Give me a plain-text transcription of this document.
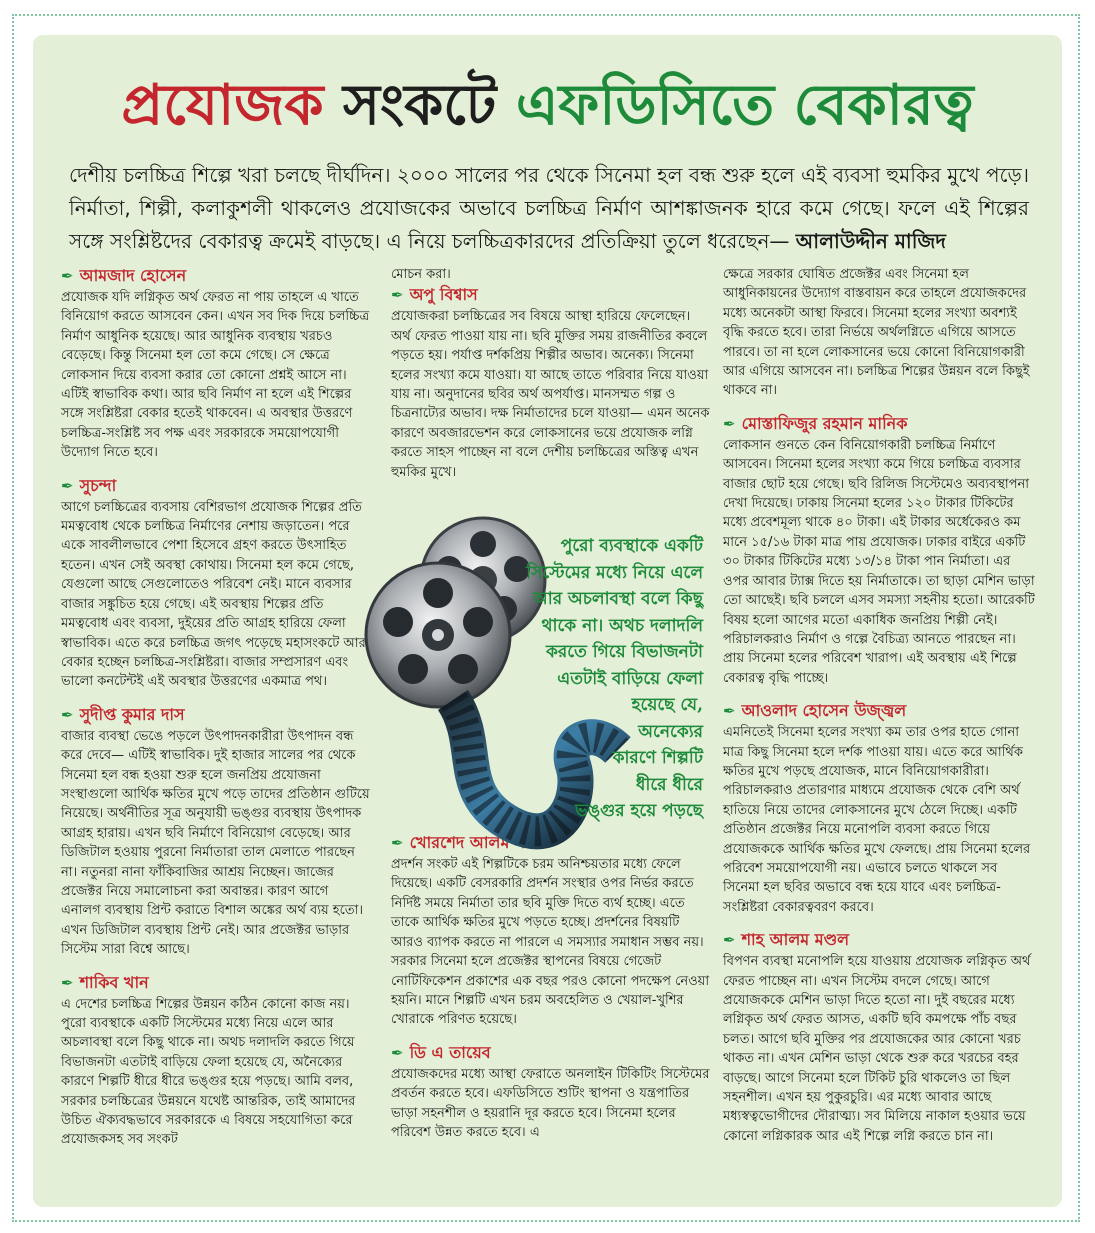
প্রযোজক সংকটে এফডিসিতে বেকারত্ব
দেশীয় চলচ্চিত্র শিল্পে খরা চলছে দীর্ঘদিন। ২০০০ সালের পর থেকে সিনেমা হল বন্ধ শুরু হলে এই ব্যবসা হুমকির মুখে পড়ে। নির্মাতা, শিল্পী, কলাকুশলী থাকলেও প্রযোজকের অভাবে চলচ্চিত্র নির্মাণ আশঙ্কাজনক হারে কমে গেছে। ফলে এই শিল্পের সঙ্গে সংশ্লিষ্টদের বেকারত্ব ক্রমেই বাড়ছে। এ নিয়ে চলচ্চিত্রকারদের প্রতিক্রিয়া তুলে ধরেছেন— আলাউদ্দীন মাজিদ
✒ আমজাদ হোসেন

প্রযোজক যদি লগ্নিকৃত অর্থ ফেরত না পায় তাহলে এ খাতে বিনিয়োগ করতে আসবেন কেন। এখন সব দিক দিয়ে চলচ্চিত্র নির্মাণ আধুনিক হয়েছে। আর আধুনিক ব্যবস্থায় খরচও বেড়েছে। কিন্তু সিনেমা হল তো কমে গেছে। সে ক্ষেত্রে লোকসান দিয়ে ব্যবসা করার তো কোনো প্রশ্নই আসে না। এটিই স্বাভাবিক কথা। আর ছবি নির্মাণ না হলে এই শিল্পের সঙ্গে সংশ্লিষ্টরা বেকার হতেই থাকবেন। এ অবস্থার উত্তরণে চলচ্চিত্র-সংশ্লিষ্ট সব পক্ষ এবং সরকারকে সময়োপযোগী উদ্যোগ নিতে হবে।

✒ সুচন্দা

আগে চলচ্চিত্রের ব্যবসায় বেশিরভাগ প্রযোজক শিল্পের প্রতি মমত্ববোধ থেকে চলচ্চিত্র নির্মাণের নেশায় জড়াতেন। পরে একে সাবলীলভাবে পেশা হিসেবে গ্রহণ করতে উৎসাহিত হতেন। এখন সেই অবস্থা কোথায়। সিনেমা হল কমে গেছে, যেগুলো আছে সেগুলোতেও পরিবেশ নেই। মানে ব্যবসার বাজার সঙ্কুচিত হয়ে গেছে। এই অবস্থায় শিল্পের প্রতি মমত্ববোধ এবং ব্যবসা, দুইয়ের প্রতি আগ্রহ হারিয়ে ফেলা স্বাভাবিক। এতে করে চলচ্চিত্র জগৎ পড়েছে মহাসংকটে আর বেকার হচ্ছেন চলচ্চিত্র-সংশ্লিষ্টরা। বাজার সম্প্রসারণ এবং ভালো কনটেন্টই এই অবস্থার উত্তরণের একমাত্র পথ।

✒ সুদীপ্ত কুমার দাস

বাজার ব্যবস্থা ভেঙে পড়লে উৎপাদনকারীরা উৎপাদন বন্ধ করে দেবে— এটিই স্বাভাবিক। দুই হাজার সালের পর থেকে সিনেমা হল বন্ধ হওয়া শুরু হলে জনপ্রিয় প্রযোজনা সংস্থাগুলো আর্থিক ক্ষতির মুখে পড়ে তাদের প্রতিষ্ঠান গুটিয়ে নিয়েছে। অর্থনীতির সূত্র অনুযায়ী ভঙ্গুর ব্যবস্থায় উৎপাদক আগ্রহ হারায়। এখন ছবি নির্মাণে বিনিয়োগ বেড়েছে। আর ডিজিটাল হওয়ায় পুরনো নির্মাতারা তাল মেলাতে পারছেন না। নতুনরা নানা ফাঁকিবাজির আশ্রয় নিচ্ছেন। জাজের প্রজেক্টর নিয়ে সমালোচনা করা অবান্তর। কারণ আগে এনালগ ব্যবস্থায় প্রিন্ট করাতে বিশাল অঙ্কের অর্থ ব্যয় হতো। এখন ডিজিটাল ব্যবস্থায় প্রিন্ট নেই। আর প্রজেক্টর ভাড়ার সিস্টেম সারা বিশ্বে আছে।

✒ শাকিব খান

এ দেশের চলচ্চিত্র শিল্পের উন্নয়ন কঠিন কোনো কাজ নয়। পুরো ব্যবস্থাকে একটি সিস্টেমের মধ্যে নিয়ে এলে আর অচলাবস্থা বলে কিছু থাকে না। অথচ দলাদলি করতে গিয়ে বিভাজনটা এতটাই বাড়িয়ে ফেলা হয়েছে যে, অনৈক্যের কারণে শিল্পটি ধীরে ধীরে ভঙ্গুর হয়ে পড়ছে। আমি বলব, সরকার চলচ্চিত্রের উন্নয়নে যথেষ্ট আন্তরিক, তাই আমাদের উচিত ঐক্যবদ্ধভাবে সরকারকে এ বিষয়ে সহযোগিতা করে প্রযোজকসহ সব সংকট

মোচন করা।

✒ অপু বিশ্বাস

প্রযোজকরা চলচ্চিত্রের সব বিষয়ে আস্থা হারিয়ে ফেলেছেন। অর্থ ফেরত পাওয়া যায় না। ছবি মুক্তির সময় রাজনীতির কবলে পড়তে হয়। পর্যাপ্ত দর্শকপ্রিয় শিল্পীর অভাব। অনেক্য। সিনেমা হলের সংখ্যা কমে যাওয়া। যা আছে তাতে পরিবার নিয়ে যাওয়া যায় না। অনুদানের ছবির অর্থ অপর্যাপ্ত। মানসম্মত গল্প ও চিত্রনাট্যের অভাব। দক্ষ নির্মাতাদের চলে যাওয়া— এমন অনেক কারণে অবজারভেশন করে লোকসানের ভয়ে প্রযোজক লগ্নি করতে সাহস পাচ্ছেন না বলে দেশীয় চলচ্চিত্রের অস্তিত্ব এখন হুমকির মুখে।

✒ খোরশেদ আলম খসরু

প্রদর্শন সংকট এই শিল্পটিকে চরম অনিশ্চয়তার মধ্যে ফেলে দিয়েছে। একটি বেসরকারি প্রদর্শন সংস্থার ওপর নির্ভর করতে নির্দিষ্ট সময়ে নির্মাতা তার ছবি মুক্তি দিতে ব্যর্থ হচ্ছে। এতে তাকে আর্থিক ক্ষতির মুখে পড়তে হচ্ছে। প্রদর্শনের বিষয়টি আরও ব্যাপক করতে না পারলে এ সমস্যার সমাধান সম্ভব নয়। সরকার সিনেমা হলে প্রজেক্টর স্থাপনের বিষয়ে গেজেট নোটিফিকেশন প্রকাশের এক বছর পরও কোনো পদক্ষেপ নেওয়া হয়নি। মানে শিল্পটি এখন চরম অবহেলিত ও খেয়াল-খুশির খোরাকে পরিণত হয়েছে।

✒ ডি এ তায়েব

প্রযোজকদের মধ্যে আস্থা ফেরাতে অনলাইন টিকিটিং সিস্টেমের প্রবর্তন করতে হবে। এফডিসিতে শুটিং স্থাপনা ও যন্ত্রপাতির ভাড়া সহনশীল ও হয়রানি দূর করতে হবে। সিনেমা হলের পরিবেশ উন্নত করতে হবে। এ

ক্ষেত্রে সরকার ঘোষিত প্রজেক্টর এবং সিনেমা হল আধুনিকায়নের উদ্যোগ বাস্তবায়ন করে তাহলে প্রযোজকদের মধ্যে অনেকটা আস্থা ফিরবে। সিনেমা হলের সংখ্যা অবশ্যই বৃদ্ধি করতে হবে। তারা নির্ভয়ে অর্থলগ্নিতে এগিয়ে আসতে পারবে। তা না হলে লোকসানের ভয়ে কোনো বিনিয়োগকারী আর এগিয়ে আসবেন না। চলচ্চিত্র শিল্পের উন্নয়ন বলে কিছুই থাকবে না।

✒ মোস্তাফিজুর রহমান মানিক

লোকসান গুনতে কেন বিনিয়োগকারী চলচ্চিত্র নির্মাণে আসবেন। সিনেমা হলের সংখ্যা কমে গিয়ে চলচ্চিত্র ব্যবসার বাজার ছোট হয়ে গেছে। ছবি রিলিজ সিস্টেমেও অব্যবস্থাপনা দেখা দিয়েছে। ঢাকায় সিনেমা হলের ১২০ টাকার টিকিটের মধ্যে প্রবেশমূল্য থাকে ৪০ টাকা। এই টাকার অর্ধেকেরও কম মানে ১৫/১৬ টাকা মাত্র পায় প্রযোজক। ঢাকার বাইরে একটি ৩০ টাকার টিকিটের মধ্যে ১৩/১৪ টাকা পান নির্মাতা। এর ওপর আবার ট্যাক্স দিতে হয় নির্মাতাকে। তা ছাড়া মেশিন ভাড়া তো আছেই। ছবি চললে এসব সমস্যা সহনীয় হতো। আরেকটি বিষয় হলো আগের মতো একাধিক জনপ্রিয় শিল্পী নেই। পরিচালকরাও নির্মাণ ও গল্পে বৈচিত্র্য আনতে পারছেন না। প্রায় সিনেমা হলের পরিবেশ খারাপ। এই অবস্থায় এই শিল্পে বেকারত্ব বৃদ্ধি পাচ্ছে।

✒ আওলাদ হোসেন উজ্জ্বল

এমনিতেই সিনেমা হলের সংখ্যা কম তার ওপর হাতে গোনা মাত্র কিছু সিনেমা হলে দর্শক পাওয়া যায়। এতে করে আর্থিক ক্ষতির মুখে পড়ছে প্রযোজক, মানে বিনিয়োগকারীরা। পরিচালকরাও প্রতারণার মাধ্যমে প্রযোজক থেকে বেশি অর্থ হাতিয়ে নিয়ে তাদের লোকসানের মুখে ঠেলে দিচ্ছে। একটি প্রতিষ্ঠান প্রজেক্টর নিয়ে মনোপলি ব্যবসা করতে গিয়ে প্রযোজককে আর্থিক ক্ষতির মুখে ফেলছে। প্রায় সিনেমা হলের পরিবেশ সময়োপযোগী নয়। এভাবে চলতে থাকলে সব সিনেমা হল ছবির অভাবে বন্ধ হয়ে যাবে এবং চলচ্চিত্র-সংশ্লিষ্টরা বেকারত্ববরণ করবে।

✒ শাহ আলম মণ্ডল

বিপণন ব্যবস্থা মনোপলি হয়ে যাওয়ায় প্রযোজক লগ্নিকৃত অর্থ ফেরত পাচ্ছেন না। এখন সিস্টেম বদলে গেছে। আগে প্রযোজককে মেশিন ভাড়া দিতে হতো না। দুই বছরের মধ্যে লগ্নিকৃত অর্থ ফেরত আসত, একটি ছবি কমপক্ষে পাঁচ বছর চলত। আগে ছবি মুক্তির পর প্রযোজকের আর কোনো খরচ থাকত না। এখন মেশিন ভাড়া থেকে শুরু করে খরচের বহর বাড়ছে। আগে সিনেমা হলে টিকিট চুরি থাকলেও তা ছিল সহনশীল। এখন হয় পুকুরচুরি। এর মধ্যে আবার আছে মধ্যস্বত্বভোগীদের দৌরাত্ম্য। সব মিলিয়ে নাকাল হওয়ার ভয়ে কোনো লগ্নিকারক আর এই শিল্পে লগ্নি করতে চান না।

পুরো ব্যবস্থাকে একটি
সিস্টেমের মধ্যে নিয়ে এলে
আর অচলাবস্থা বলে কিছু
থাকে না। অথচ দলাদলি
করতে গিয়ে বিভাজনটা
এতটাই বাড়িয়ে ফেলা
হয়েছে যে,
অনেক্যের
কারণে শিল্পটি
ধীরে ধীরে
ভঙ্গুর হয়ে পড়ছে
